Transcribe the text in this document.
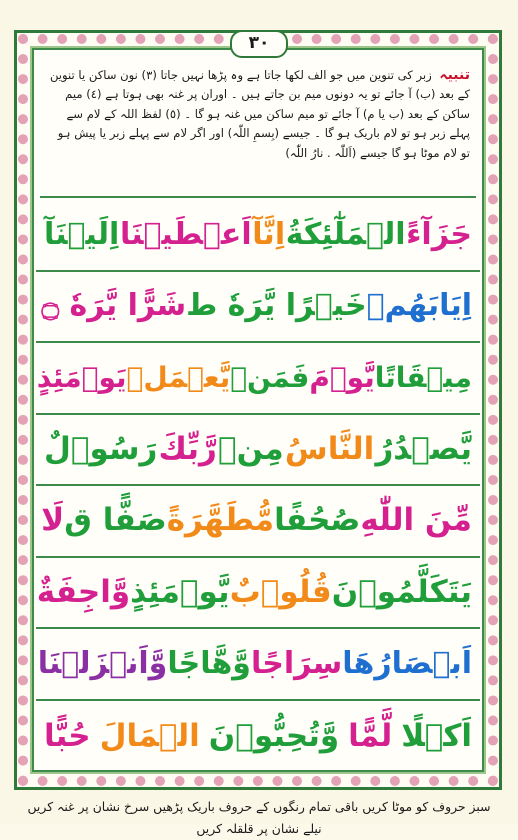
٣٠
تنبیہ زبر کی تنوین میں جو الف لکھا جاتا ہے وہ پڑھا نہیں جاتا (٣) نون ساکن یا تنوین کے بعد (ب) آ جائے تو یہ دونوں میم بن جاتے ہیں ۔ اوران پر غنہ بھی ہوتا ہے (٤) میم ساکن کے بعد (ب یا م) آ جائے تو میم ساکن میں غنہ ہو گا ۔ (٥) لفظ اللہ کے لام سے پہلے زبر ہو تو لام باریک ہو گا ۔ جیسے (بِسمِ اللّٰہ) اور اگر لام سے پہلے زبر یا پیش ہو تو لام موٹا ہو گا جیسے (اَللّٰہ . نارُ اللّٰہ)
جَزَآءً
الۡمَلٰٓئِكَةُ
اِنَّآ
اَعۡطَيۡنَا
اِلَيۡنَآ
اِيَابَهُمۡ
خَيۡرًا يَّرَهٗ ط
شَرًّا يَّرَهٗ ۝
مِيۡقَاتًا
يَّوۡمَ
فَمَنۡ
يَّعۡمَلۡ
يَوۡمَئِذٍ
يَّصۡدُرُ
النَّاسُ
مِنۡ
رَّبِّكَ
رَسُوۡلٌ
مِّنَ اللّٰهِ
صُحُفًا
مُّطَهَّرَةً
صَفًّا ق
لَا
يَتَكَلَّمُوۡنَ
قُلُوۡبٌ
يَّوۡمَئِذٍ
وَّاجِفَةٌ
اَبۡصَارُهَا
سِرَاجًا
وَّهَّاجًا
وَّاَنۡزَلۡنَا
اَكۡلًا
لَّمًّا
وَّتُحِبُّوۡنَ
الۡمَالَ
حُبًّا
سبز حروف کو موٹا کریں باقی تمام رنگوں کے حروف باریک پڑھیں سرخ نشان پر غنہ کریں نیلے نشان پر قلقلہ کریں
